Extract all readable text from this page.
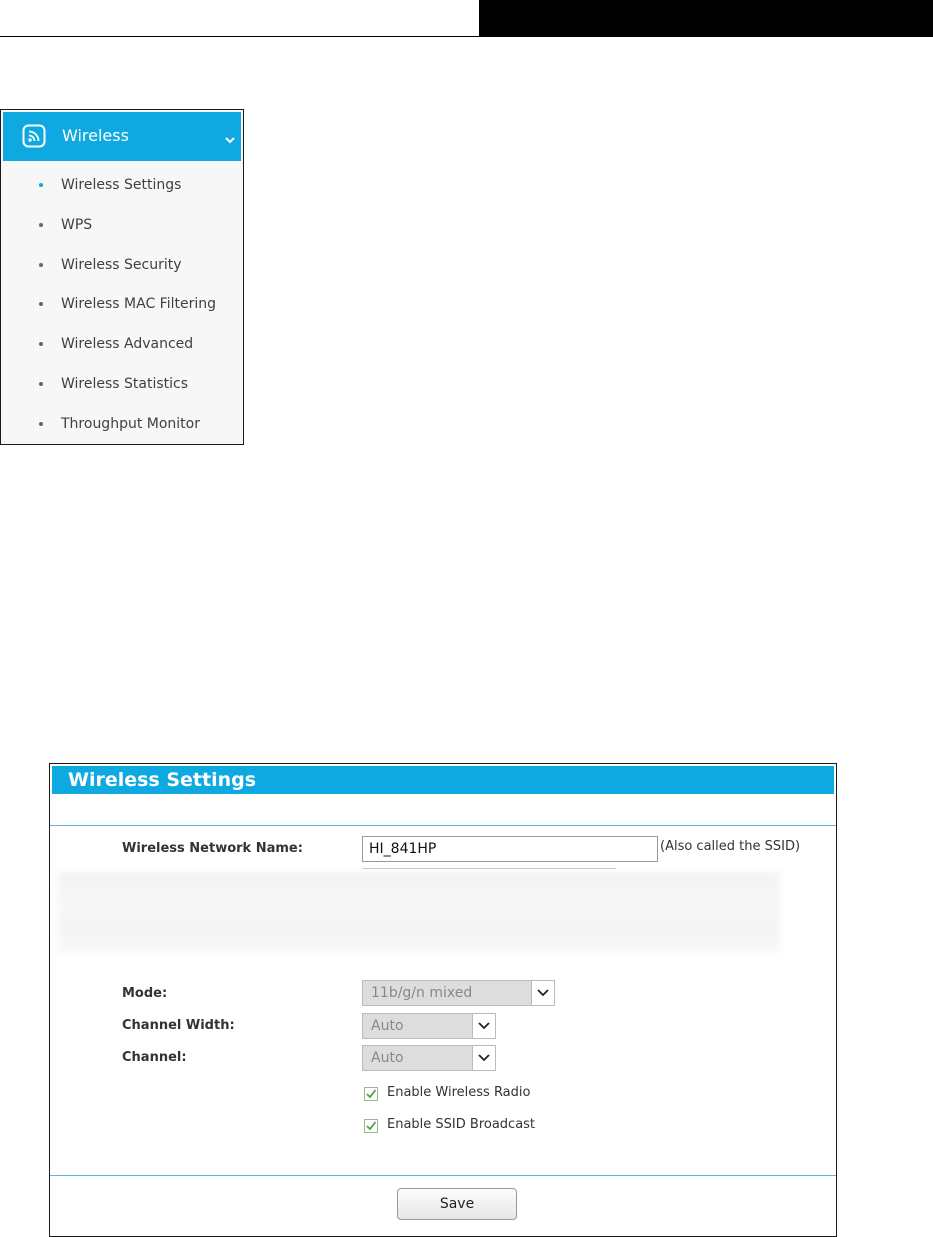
Wireless
Wireless Settings
WPS
Wireless Security
Wireless MAC Filtering
Wireless Advanced
Wireless Statistics
Throughput Monitor
Wireless Settings
Wireless Network Name:
HI_841HP	(Also called the SSID)
Mode:	11b/g/n mixed
Channel Width:	Auto
Channel:	Auto
Enable Wireless Radio
Enable SSID Broadcast
Save
